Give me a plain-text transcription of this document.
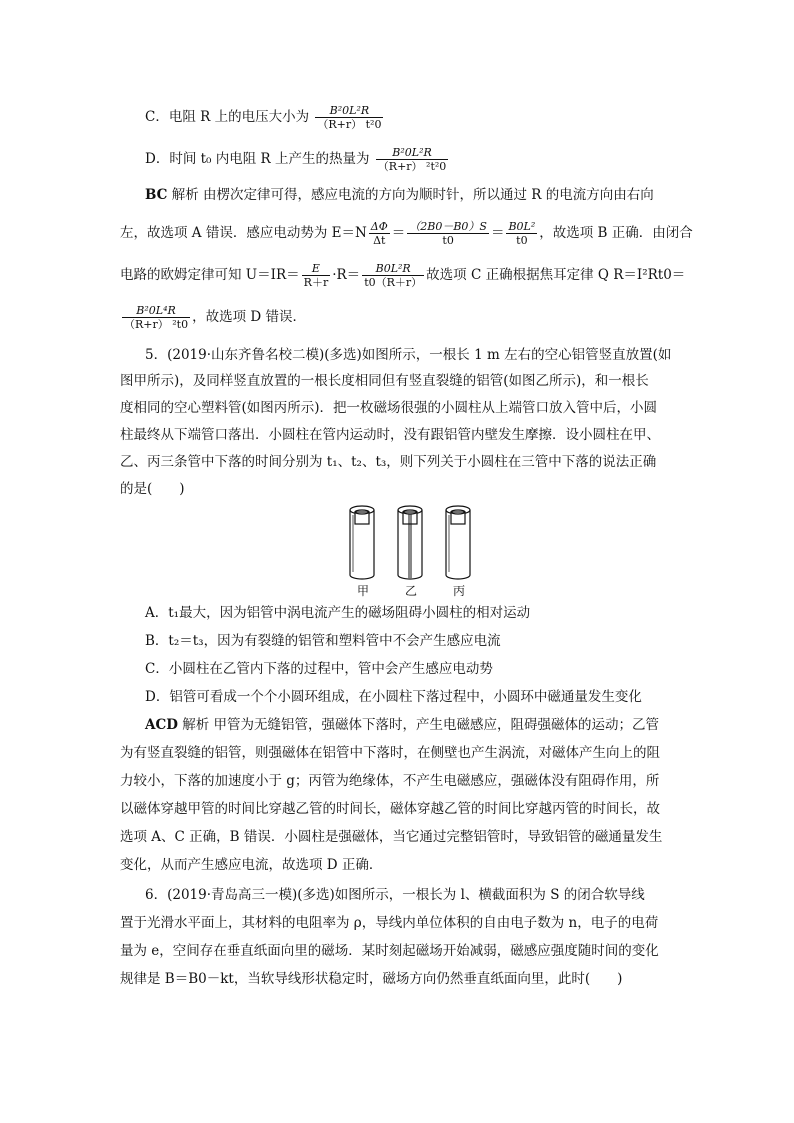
C．电阻 R 上的电压大小为 $\frac{\text{B²0L²R}}{\text{（R+r） t²0}}$
D．时间 t₀ 内电阻 R 上产生的热量为 $\frac{\text{B²0L²R}}{\text{（R+r） ²t²0}}$
BC 解析 由楞次定律可得，感应电流的方向为顺时针，所以通过 R 的电流方向由右向
左，故选项 A 错误．感应电动势为 $E=N \frac{\Delta\Phi}{\Delta t} = \frac{(2B0-B0)S}{t0} = \frac{\text{B0L²}}{t0}$ ，故选项 B 正确．由闭合
电路的欧姆定律可知 $U=IR= \frac{E}{R+r} \cdot R= \frac{\text{B0L²R}}{t0(R+r)}$ 故选项 C 正确根据焦耳定律 Q R＝I²Rt0＝
$\frac{\text{B²0L⁴R}}{\text{（R+r） ²t0}}$ ，故选项 D 错误．
5．(2019·山东齐鲁名校二模)(多选)如图所示，一根长 1 m 左右的空心铝管竖直放置(如
图甲所示)，及同样竖直放置的一根长度相同但有竖直裂缝的铝管(如图乙所示)，和一根长
度相同的空心塑料管(如图丙所示)．把一枚磁场很强的小圆柱从上端管口放入管中后，小圆
柱最终从下端管口落出．小圆柱在管内运动时，没有跟铝管内壁发生摩擦．设小圆柱在甲、
乙、丙三条管中下落的时间分别为 t₁、t₂、t₃，则下列关于小圆柱在三管中下落的说法正确
的是(　　)
甲	乙	丙
A．t₁最大，因为铝管中涡电流产生的磁场阻碍小圆柱的相对运动
B．t₂＝t₃，因为有裂缝的铝管和塑料管中不会产生感应电流
C．小圆柱在乙管内下落的过程中，管中会产生感应电动势
D．铝管可看成一个个小圆环组成，在小圆柱下落过程中，小圆环中磁通量发生变化
ACD 解析 甲管为无缝铝管，强磁体下落时，产生电磁感应，阻碍强磁体的运动；乙管
为有竖直裂缝的铝管，则强磁体在铝管中下落时，在侧壁也产生涡流，对磁体产生向上的阻
力较小，下落的加速度小于 g；丙管为绝缘体，不产生电磁感应，强磁体没有阻碍作用，所
以磁体穿越甲管的时间比穿越乙管的时间长，磁体穿越乙管的时间比穿越丙管的时间长，故
选项 A、C 正确，B 错误．小圆柱是强磁体，当它通过完整铝管时，导致铝管的磁通量发生
变化，从而产生感应电流，故选项 D 正确．
6．(2019·青岛高三一模)(多选)如图所示，一根长为 l、横截面积为 S 的闭合软导线
置于光滑水平面上，其材料的电阻率为 ρ，导线内单位体积的自由电子数为 n，电子的电荷
量为 e，空间存在垂直纸面向里的磁场．某时刻起磁场开始减弱，磁感应强度随时间的变化
规律是 B＝B0－kt，当软导线形状稳定时，磁场方向仍然垂直纸面向里，此时(　　)
